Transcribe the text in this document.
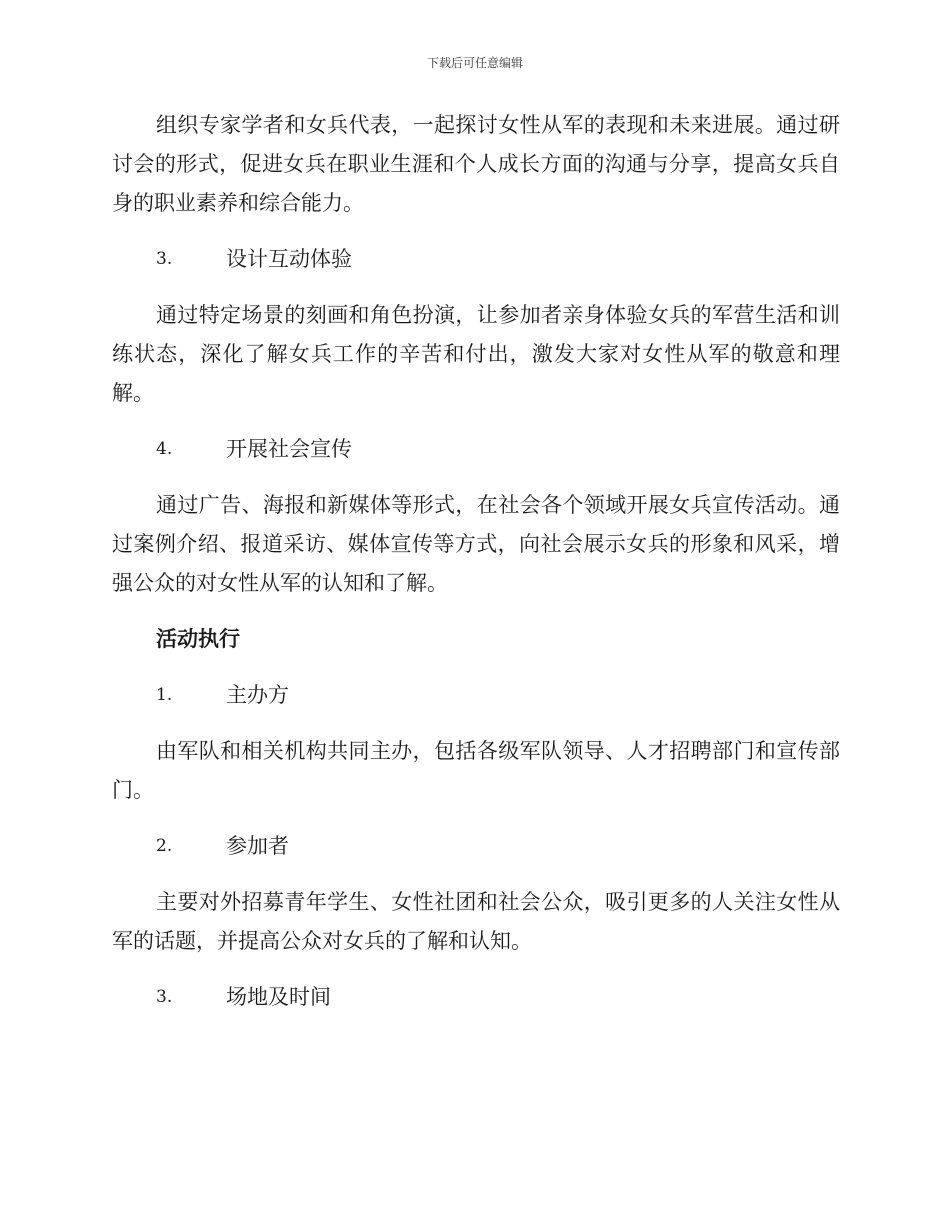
下载后可任意编辑

组织专家学者和女兵代表，一起探讨女性从军的表现和未来进展。通过研讨会的形式，促进女兵在职业生涯和个人成长方面的沟通与分享，提高女兵自身的职业素养和综合能力。

3.	设计互动体验

通过特定场景的刻画和角色扮演，让参加者亲身体验女兵的军营生活和训练状态，深化了解女兵工作的辛苦和付出，激发大家对女性从军的敬意和理解。

4.	开展社会宣传

通过广告、海报和新媒体等形式，在社会各个领域开展女兵宣传活动。通过案例介绍、报道采访、媒体宣传等方式，向社会展示女兵的形象和风采，增强公众的对女性从军的认知和了解。

活动执行
1.	主办方

由军队和相关机构共同主办，包括各级军队领导、人才招聘部门和宣传部门。

2.	参加者

主要对外招募青年学生、女性社团和社会公众，吸引更多的人关注女性从军的话题，并提高公众对女兵的了解和认知。

3.	场地及时间
